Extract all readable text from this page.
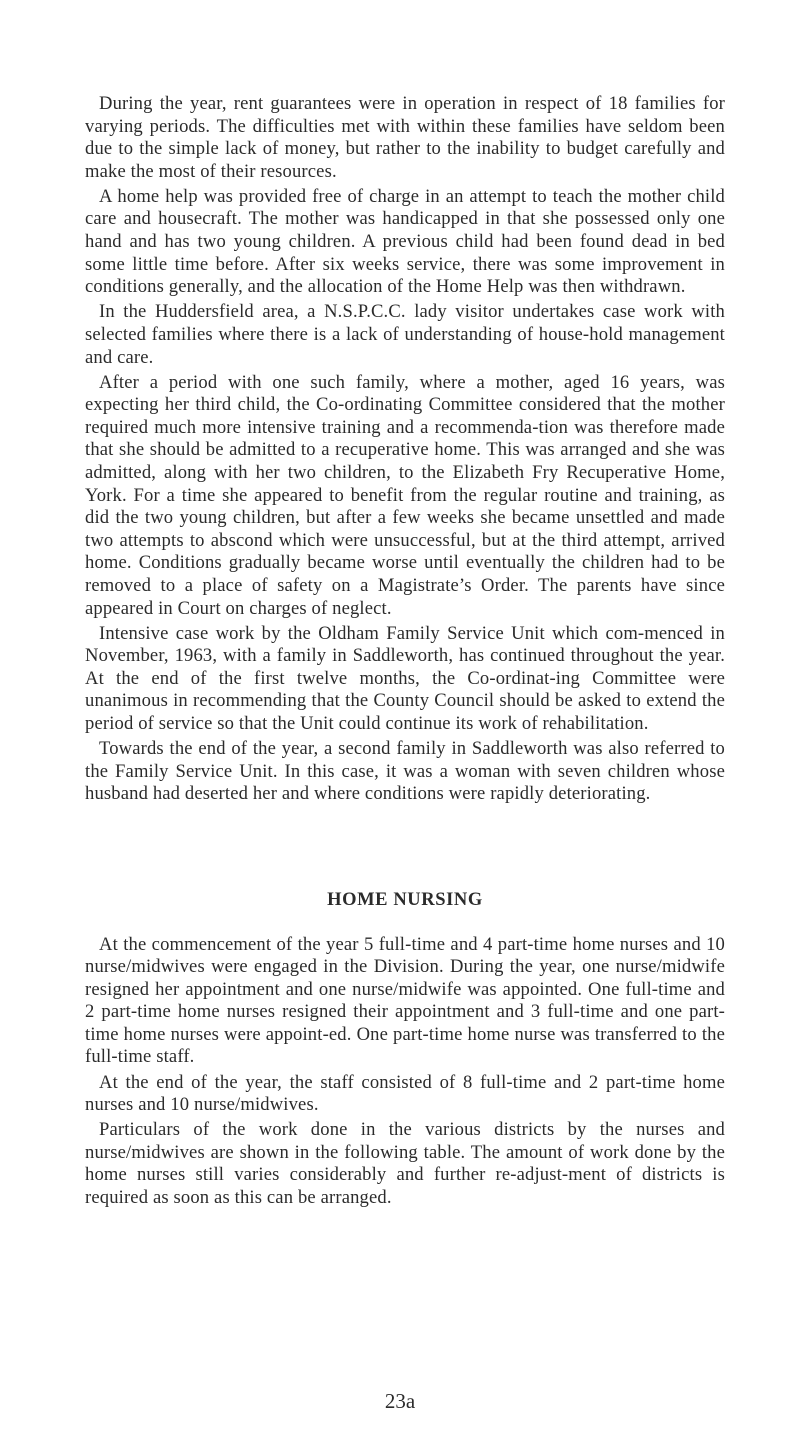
During the year, rent guarantees were in operation in respect of 18 families for varying periods. The difficulties met with within these families have seldom been due to the simple lack of money, but rather to the inability to budget carefully and make the most of their resources.

A home help was provided free of charge in an attempt to teach the mother child care and housecraft. The mother was handicapped in that she possessed only one hand and has two young children. A previous child had been found dead in bed some little time before. After six weeks service, there was some improvement in conditions generally, and the allocation of the Home Help was then withdrawn.

In the Huddersfield area, a N.S.P.C.C. lady visitor undertakes case work with selected families where there is a lack of understanding of house-hold management and care.

After a period with one such family, where a mother, aged 16 years, was expecting her third child, the Co-ordinating Committee considered that the mother required much more intensive training and a recommenda-tion was therefore made that she should be admitted to a recuperative home. This was arranged and she was admitted, along with her two children, to the Elizabeth Fry Recuperative Home, York. For a time she appeared to benefit from the regular routine and training, as did the two young children, but after a few weeks she became unsettled and made two attempts to abscond which were unsuccessful, but at the third attempt, arrived home. Conditions gradually became worse until eventually the children had to be removed to a place of safety on a Magistrate’s Order. The parents have since appeared in Court on charges of neglect.

Intensive case work by the Oldham Family Service Unit which com-menced in November, 1963, with a family in Saddleworth, has continued throughout the year. At the end of the first twelve months, the Co-ordinat-ing Committee were unanimous in recommending that the County Council should be asked to extend the period of service so that the Unit could continue its work of rehabilitation.

Towards the end of the year, a second family in Saddleworth was also referred to the Family Service Unit. In this case, it was a woman with seven children whose husband had deserted her and where conditions were rapidly deteriorating.

HOME NURSING

At the commencement of the year 5 full-time and 4 part-time home nurses and 10 nurse/midwives were engaged in the Division. During the year, one nurse/midwife resigned her appointment and one nurse/midwife was appointed. One full-time and 2 part-time home nurses resigned their appointment and 3 full-time and one part-time home nurses were appoint-ed. One part-time home nurse was transferred to the full-time staff.

At the end of the year, the staff consisted of 8 full-time and 2 part-time home nurses and 10 nurse/midwives.

Particulars of the work done in the various districts by the nurses and nurse/midwives are shown in the following table. The amount of work done by the home nurses still varies considerably and further re-adjust-ment of districts is required as soon as this can be arranged.

23a
